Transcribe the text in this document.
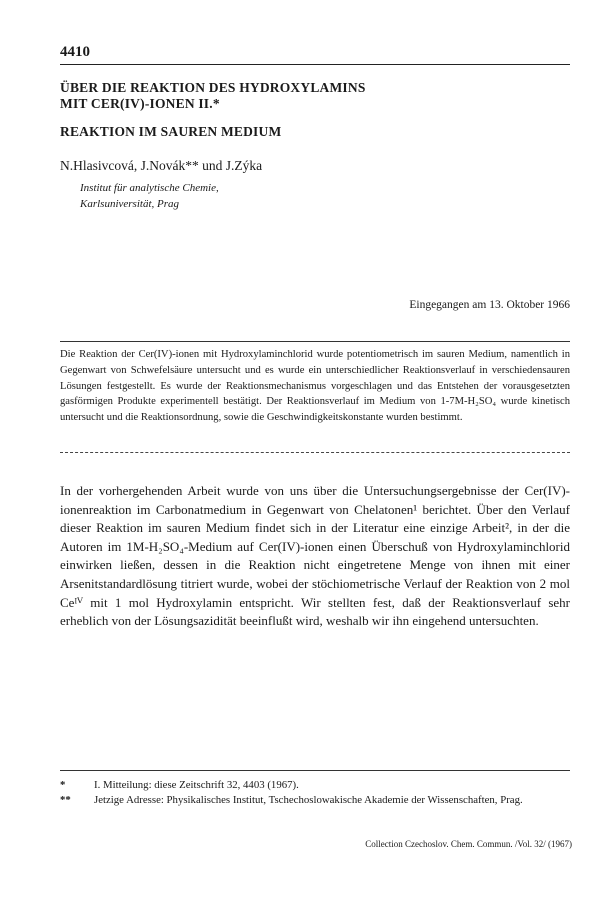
4410
ÜBER DIE REAKTION DES HYDROXYLAMINS
MIT CER(IV)-IONEN II.*
REAKTION IM SAUREN MEDIUM
N.Hlasivcová, J.Novák** und J.Zýka
Institut für analytische Chemie,
Karlsuniversität, Prag
Eingegangen am 13. Oktober 1966
Die Reaktion der Cer(IV)-ionen mit Hydroxylaminchlorid wurde potentiometrisch im sauren Medium, namentlich in Gegenwart von Schwefelsäure untersucht und es wurde ein unterschiedlicher Reaktionsverlauf in verschiedensauren Lösungen festgestellt. Es wurde der Reaktionsmechanismus vorgeschlagen und das Entstehen der vorausgesetzten gasförmigen Produkte experimentell bestätigt. Der Reaktionsverlauf im Medium von 1-7M-H₂SO₄ wurde kinetisch untersucht und die Reaktionsordnung, sowie die Geschwindigkeitskonstante wurden bestimmt.
In der vorhergehenden Arbeit wurde von uns über die Untersuchungsergebnisse der Cer(IV)- ionenreaktion im Carbonatmedium in Gegenwart von Chelatonen¹ berichtet. Über den Verlauf dieser Reaktion im sauren Medium findet sich in der Literatur eine einzige Arbeit², in der die Autoren im 1M-H₂SO₄-Medium auf Cer(IV)-ionen einen Überschuß von Hydroxylaminchlorid einwirken ließen, dessen in die Reaktion nicht eingetretene Menge von ihnen mit einer Arsenitstandardlösung titriert wurde, wobei der stöchiometrische Verlauf der Reaktion von 2 mol Ceᴵⱽ mit 1 mol Hydroxylamin entspricht. Wir stellten fest, daß der Reaktionsverlauf sehr erheblich von der Lösungsazidität beeinflußt wird, weshalb wir ihn eingehend untersuchten.
*	I. Mitteilung: diese Zeitschrift 32, 4403 (1967).
**	Jetzige Adresse: Physikalisches Institut, Tschechoslowakische Akademie der Wissenschaften, Prag.
Collection Czechoslov. Chem. Commun. /Vol. 32/ (1967)
